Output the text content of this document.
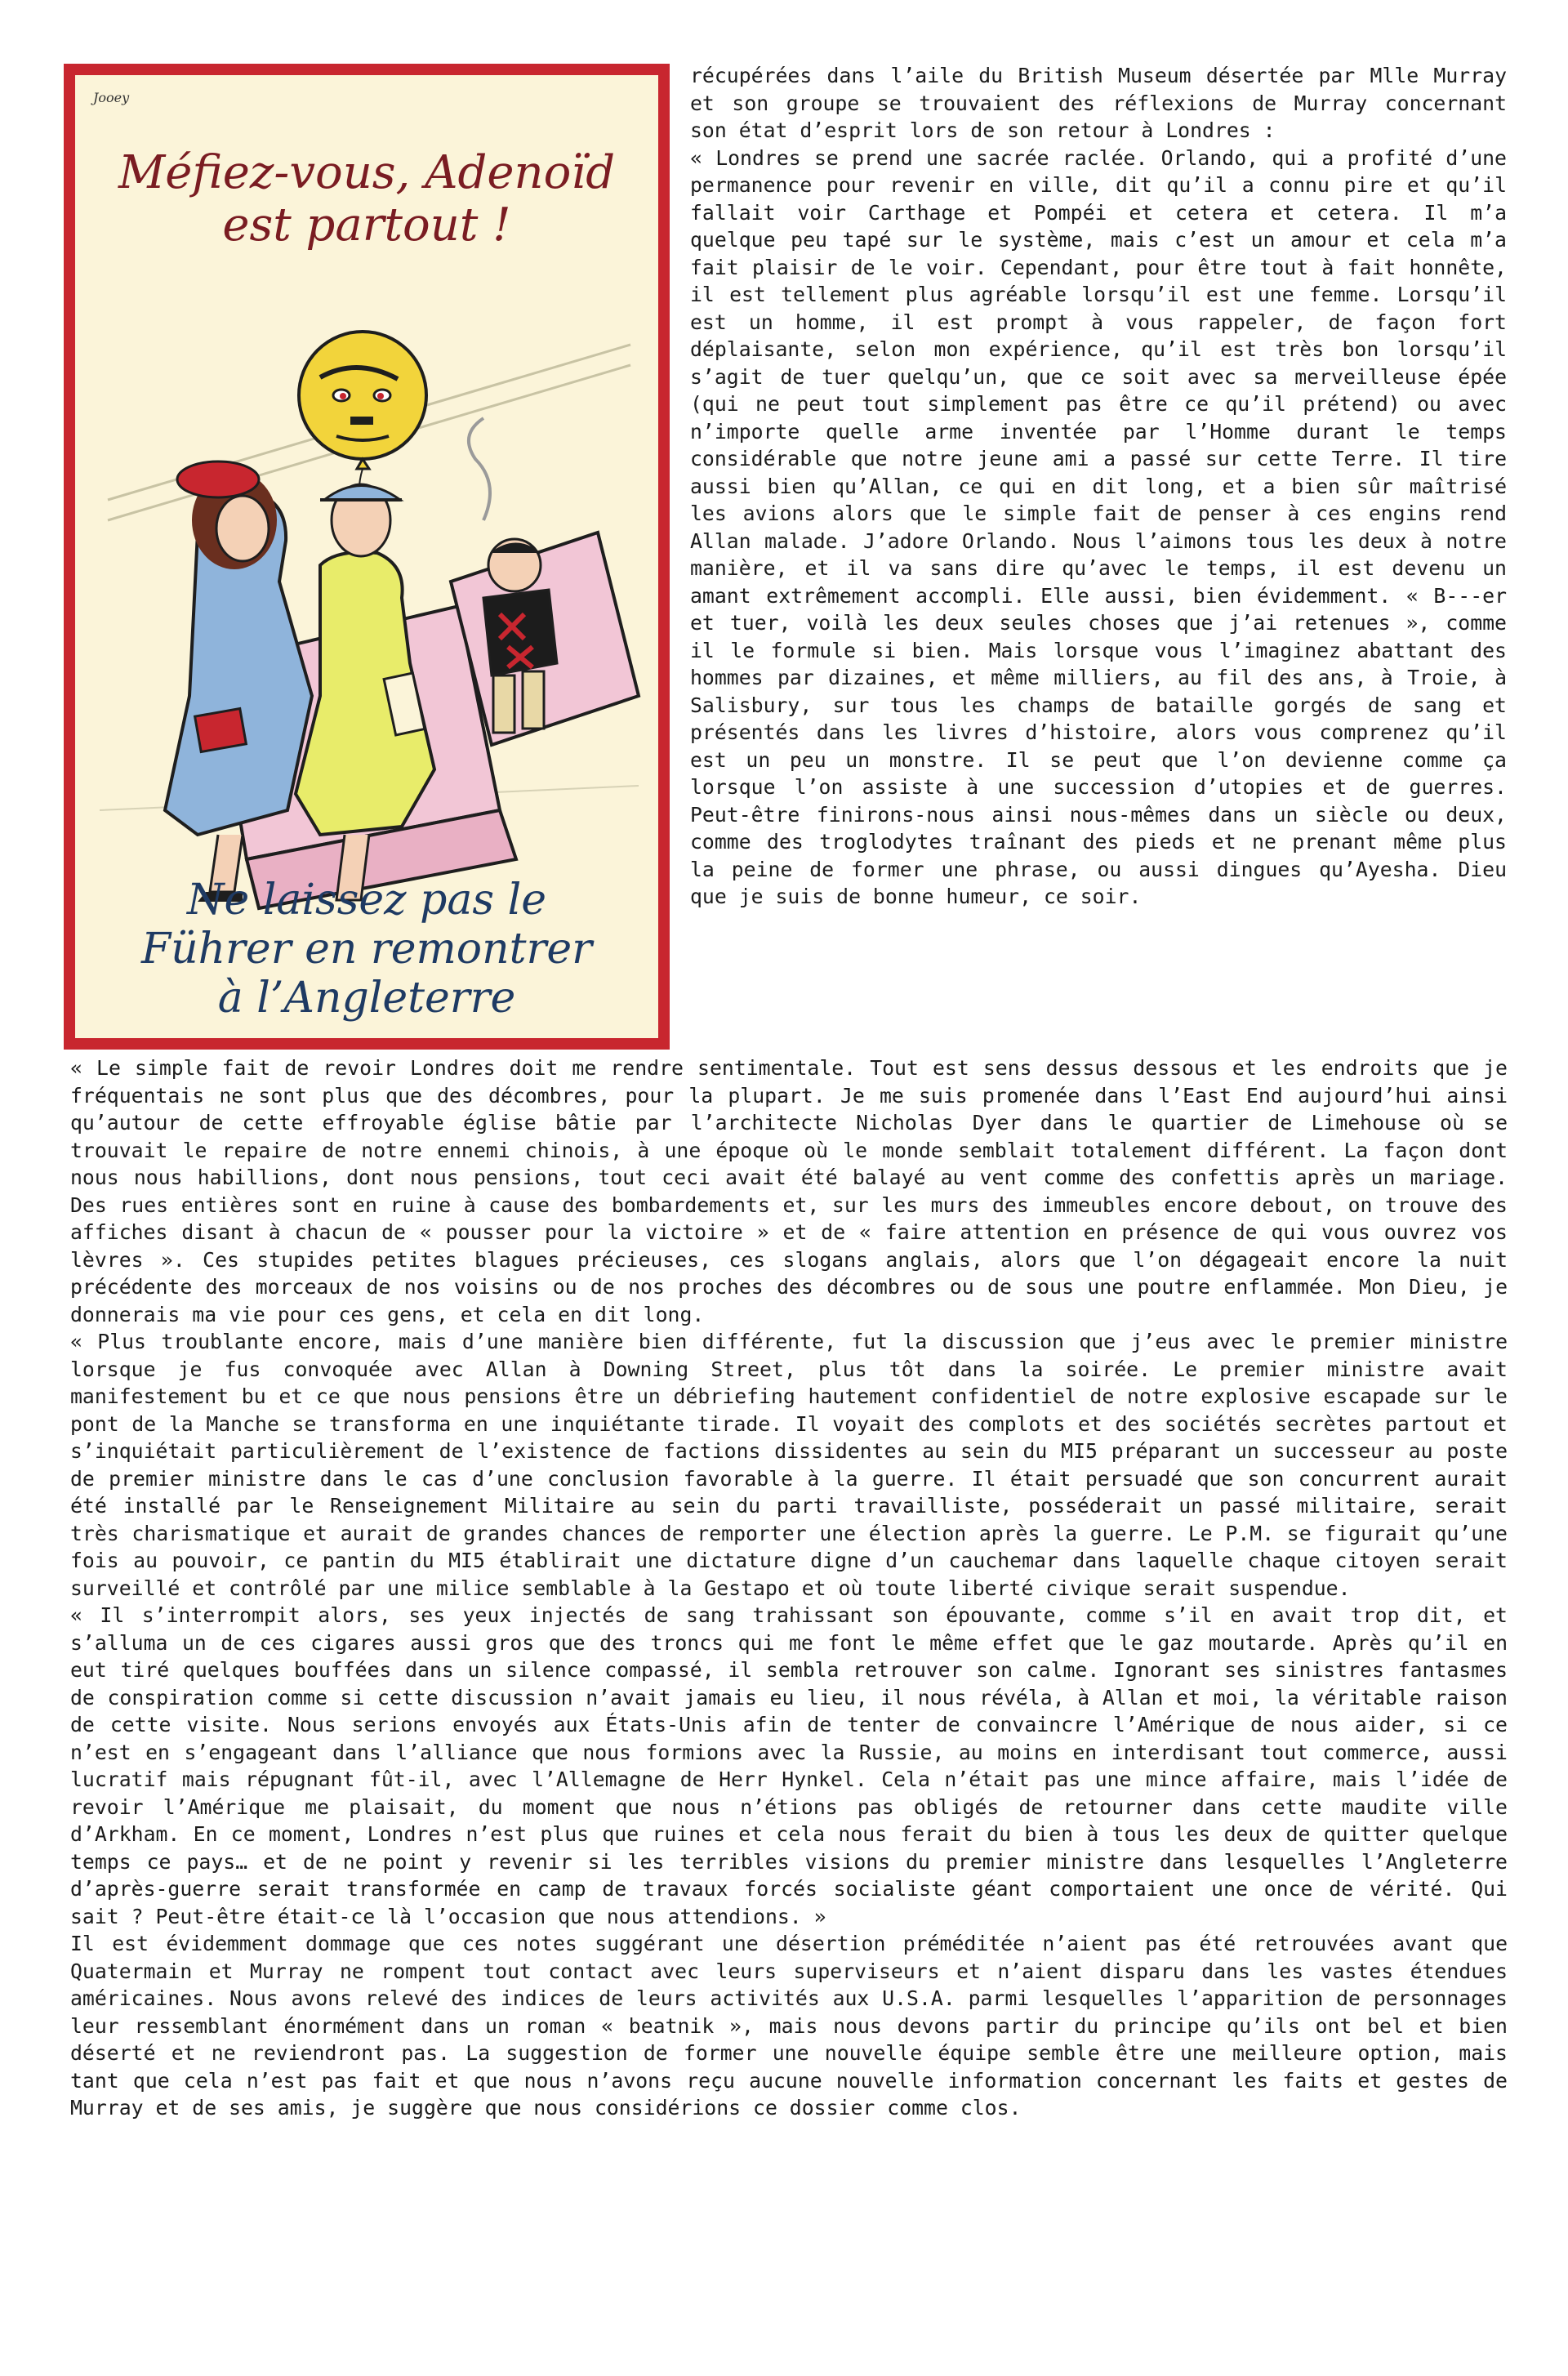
Jooey
Méfiez-vous, Adenoïd
est partout !
Ne laissez pas le
Führer en remontrer
à l’Angleterre

récupérées dans l’aile du British Museum désertée par Mlle Murray et son groupe se trouvaient des réflexions de Murray concernant son état d’esprit lors de son retour à Londres :
« Londres se prend une sacrée raclée. Orlando, qui a profité d’une permanence pour revenir en ville, dit qu’il a connu pire et qu’il fallait voir Carthage et Pompéi et cetera et cetera. Il m’a quelque peu tapé sur le système, mais c’est un amour et cela m’a fait plaisir de le voir. Cependant, pour être tout à fait honnête, il est tellement plus agréable lorsqu’il est une femme. Lorsqu’il est un homme, il est prompt à vous rappeler, de façon fort déplaisante, selon mon expérience, qu’il est très bon lorsqu’il s’agit de tuer quelqu’un, que ce soit avec sa merveilleuse épée (qui ne peut tout simplement pas être ce qu’il prétend) ou avec n’importe quelle arme inventée par l’Homme durant le temps considérable que notre jeune ami a passé sur cette Terre. Il tire aussi bien qu’Allan, ce qui en dit long, et a bien sûr maîtrisé les avions alors que le simple fait de penser à ces engins rend Allan malade. J’adore Orlando. Nous l’aimons tous les deux à notre manière, et il va sans dire qu’avec le temps, il est devenu un amant extrêmement accompli. Elle aussi, bien évidemment. « B---er et tuer, voilà les deux seules choses que j’ai retenues », comme il le formule si bien. Mais lorsque vous l’imaginez abattant des hommes par dizaines, et même milliers, au fil des ans, à Troie, à Salisbury, sur tous les champs de bataille gorgés de sang et présentés dans les livres d’histoire, alors vous comprenez qu’il est un peu un monstre. Il se peut que l’on devienne comme ça lorsque l’on assiste à une succession d’utopies et de guerres. Peut-être finirons-nous ainsi nous-mêmes dans un siècle ou deux, comme des troglodytes traînant des pieds et ne prenant même plus la peine de former une phrase, ou aussi dingues qu’Ayesha. Dieu que je suis de bonne humeur, ce soir.

« Le simple fait de revoir Londres doit me rendre sentimentale. Tout est sens dessus dessous et les endroits que je fréquentais ne sont plus que des décombres, pour la plupart. Je me suis promenée dans l’East End aujourd’hui ainsi qu’autour de cette effroyable église bâtie par l’architecte Nicholas Dyer dans le quartier de Limehouse où se trouvait le repaire de notre ennemi chinois, à une époque où le monde semblait totalement différent. La façon dont nous nous habillions, dont nous pensions, tout ceci avait été balayé au vent comme des confettis après un mariage. Des rues entières sont en ruine à cause des bombardements et, sur les murs des immeubles encore debout, on trouve des affiches disant à chacun de « pousser pour la victoire » et de « faire attention en présence de qui vous ouvrez vos lèvres ». Ces stupides petites blagues précieuses, ces slogans anglais, alors que l’on dégageait encore la nuit précédente des morceaux de nos voisins ou de nos proches des décombres ou de sous une poutre enflammée. Mon Dieu, je donnerais ma vie pour ces gens, et cela en dit long.

« Plus troublante encore, mais d’une manière bien différente, fut la discussion que j’eus avec le premier ministre lorsque je fus convoquée avec Allan à Downing Street, plus tôt dans la soirée. Le premier ministre avait manifestement bu et ce que nous pensions être un débriefing hautement confidentiel de notre explosive escapade sur le pont de la Manche se transforma en une inquiétante tirade. Il voyait des complots et des sociétés secrètes partout et s’inquiétait particulièrement de l’existence de factions dissidentes au sein du MI5 préparant un successeur au poste de premier ministre dans le cas d’une conclusion favorable à la guerre. Il était persuadé que son concurrent aurait été installé par le Renseignement Militaire au sein du parti travailliste, posséderait un passé militaire, serait très charismatique et aurait de grandes chances de remporter une élection après la guerre. Le P.M. se figurait qu’une fois au pouvoir, ce pantin du MI5 établirait une dictature digne d’un cauchemar dans laquelle chaque citoyen serait surveillé et contrôlé par une milice semblable à la Gestapo et où toute liberté civique serait suspendue.

« Il s’interrompit alors, ses yeux injectés de sang trahissant son épouvante, comme s’il en avait trop dit, et s’alluma un de ces cigares aussi gros que des troncs qui me font le même effet que le gaz moutarde. Après qu’il en eut tiré quelques bouffées dans un silence compassé, il sembla retrouver son calme. Ignorant ses sinistres fantasmes de conspiration comme si cette discussion n’avait jamais eu lieu, il nous révéla, à Allan et moi, la véritable raison de cette visite. Nous serions envoyés aux États-Unis afin de tenter de convaincre l’Amérique de nous aider, si ce n’est en s’engageant dans l’alliance que nous formions avec la Russie, au moins en interdisant tout commerce, aussi lucratif mais répugnant fût-il, avec l’Allemagne de Herr Hynkel. Cela n’était pas une mince affaire, mais l’idée de revoir l’Amérique me plaisait, du moment que nous n’étions pas obligés de retourner dans cette maudite ville d’Arkham. En ce moment, Londres n’est plus que ruines et cela nous ferait du bien à tous les deux de quitter quelque temps ce pays… et de ne point y revenir si les terribles visions du premier ministre dans lesquelles l’Angleterre d’après-guerre serait transformée en camp de travaux forcés socialiste géant comportaient une once de vérité. Qui sait ? Peut-être était-ce là l’occasion que nous attendions. »

Il est évidemment dommage que ces notes suggérant une désertion préméditée n’aient pas été retrouvées avant que Quatermain et Murray ne rompent tout contact avec leurs superviseurs et n’aient disparu dans les vastes étendues américaines. Nous avons relevé des indices de leurs activités aux U.S.A. parmi lesquelles l’apparition de personnages leur ressemblant énormément dans un roman « beatnik », mais nous devons partir du principe qu’ils ont bel et bien déserté et ne reviendront pas. La suggestion de former une nouvelle équipe semble être une meilleure option, mais tant que cela n’est pas fait et que nous n’avons reçu aucune nouvelle information concernant les faits et gestes de Murray et de ses amis, je suggère que nous considérions ce dossier comme clos.
